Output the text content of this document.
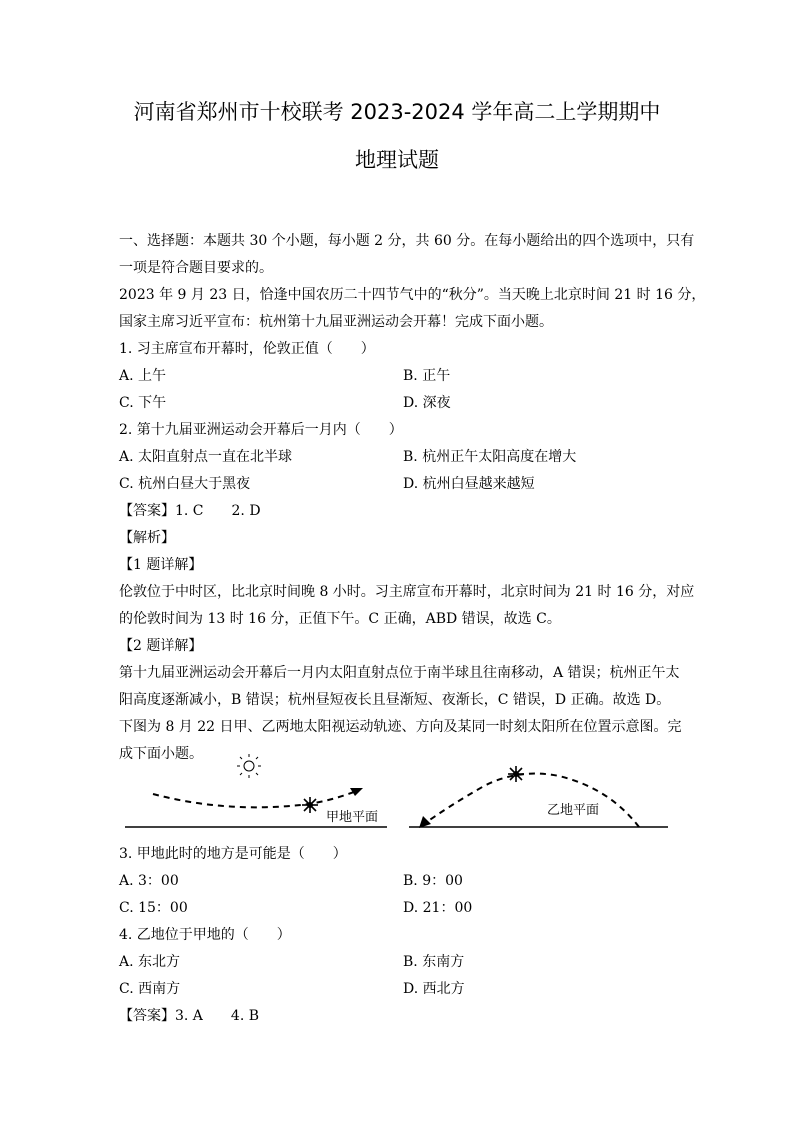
河南省郑州市十校联考 2023-2024 学年高二上学期期中
地理试题
一、选择题：本题共 30 个小题，每小题 2 分，共 60 分。在每小题给出的四个选项中，只有
一项是符合题目要求的。
2023 年 9 月 23 日，恰逢中国农历二十四节气中的“秋分”。当天晚上北京时间 21 时 16 分，
国家主席习近平宣布：杭州第十九届亚洲运动会开幕！完成下面小题。
1. 习主席宣布开幕时，伦敦正值（　　）
A. 上午	B. 正午
C. 下午	D. 深夜
2. 第十九届亚洲运动会开幕后一月内（　　）
A. 太阳直射点一直在北半球	B. 杭州正午太阳高度在增大
C. 杭州白昼大于黑夜	D. 杭州白昼越来越短
【答案】1. C　　2. D
【解析】
【1 题详解】
伦敦位于中时区，比北京时间晚 8 小时。习主席宣布开幕时，北京时间为 21 时 16 分，对应
的伦敦时间为 13 时 16 分，正值下午。C 正确，ABD 错误，故选 C。
【2 题详解】
第十九届亚洲运动会开幕后一月内太阳直射点位于南半球且往南移动，A 错误；杭州正午太
阳高度逐渐减小，B 错误；杭州昼短夜长且昼渐短、夜渐长，C 错误，D 正确。故选 D。
下图为 8 月 22 日甲、乙两地太阳视运动轨迹、方向及某同一时刻太阳所在位置示意图。完
成下面小题。
甲地平面	乙地平面
3. 甲地此时的地方是可能是（　　）
A. 3：00	B. 9：00
C. 15：00	D. 21：00
4. 乙地位于甲地的（　　）
A. 东北方	B. 东南方
C. 西南方	D. 西北方
【答案】3. A　　4. B
